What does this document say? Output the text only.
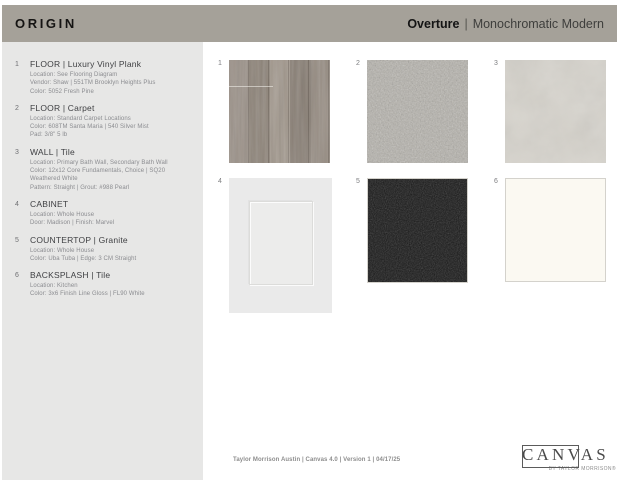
ORIGIN	Overture | Monochromatic Modern
1	FLOOR | Luxury Vinyl Plank
Location: See Flooring Diagram
Vendor: Shaw | 551TM Brooklyn Heights Plus
Color: 5052 Fresh Pine
2	FLOOR | Carpet
Location: Standard Carpet Locations
Color: 608TM Santa Maria | 540 Silver Mist
Pad: 3/8" 5 lb
3	WALL | Tile
Location: Primary Bath Wall, Secondary Bath Wall
Color: 12x12 Core Fundamentals, Choice | SQ20 Weathered White
Pattern: Straight | Grout: #988 Pearl
4	CABINET
Location: Whole House
Door: Madison | Finish: Marvel
5	COUNTERTOP | Granite
Location: Whole House
Color: Uba Tuba | Edge: 3 CM Straight
6	BACKSPLASH | Tile
Location: Kitchen
Color: 3x6 Finish Line Gloss | FL90 White
1	2	3
4	5	6
Taylor Morrison Austin | Canvas 4.0 | Version 1 | 04/17/25	CANVAS
BY TAYLOR MORRISON®
